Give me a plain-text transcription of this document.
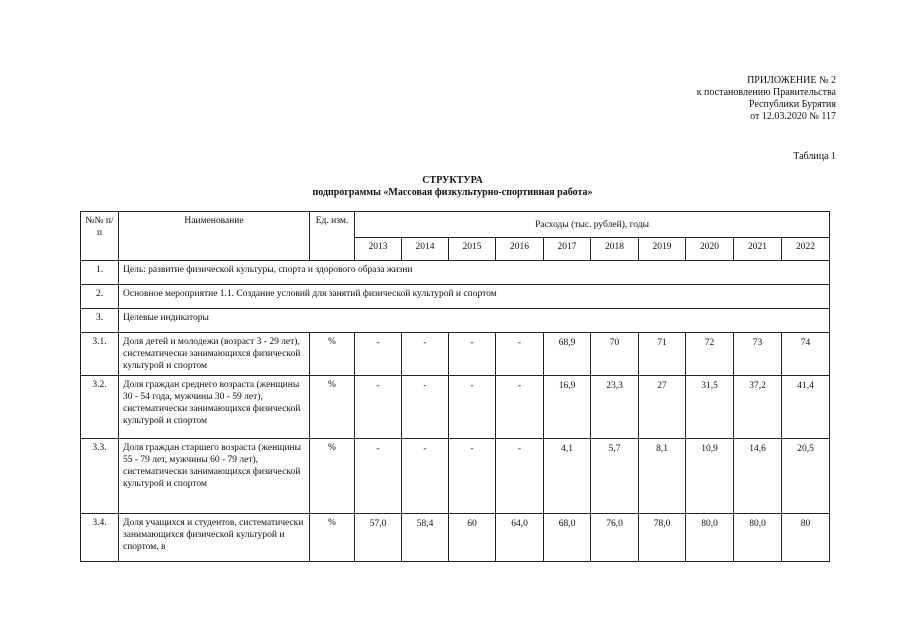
ПРИЛОЖЕНИЕ № 2
к постановлению Правительства
Республики Бурятия
от 12.03.2020 № 117
Таблица 1
СТРУКТУРА
подпрограммы «Массовая физкультурно-спортивная работа»
№№ п/п	Наименование	Ед. изм.	Расходы (тыс. рублей), годы									
			2013	2014	2015	2016	2017	2018	2019	2020	2021	2022
1.	Цель: развитие физической культуры, спорта и здорового образа жизни											
2.	Основное мероприятие 1.1. Создание условий для занятий физической культурой и спортом											
3.	Целевые индикаторы											
3.1.	Доля детей и молодежи (возраст 3 - 29 лет), систематически занимающихся физической культурой и спортом	%	-	-	-	-	68,9	70	71	72	73	74
3.2.	Доля граждан среднего возраста (женщины 30 - 54 года, мужчины 30 - 59 лет), систематически занимающихся физической культурой и спортом	%	-	-	-	-	16,9	23,3	27	31,5	37,2	41,4
3.3.	Доля граждан старшего возраста (женщины 55 - 79 лет, мужчины 60 - 79 лет), систематически занимающихся физической культурой и спортом	%	-	-	-	-	4,1	5,7	8,1	10,9	14,6	20,5
3.4.	Доля учащихся и студентов, систематически занимающихся физической культурой и спортом, в	%	57,0	58,4	60	64,0	68,0	76,0	78,0	80,0	80,0	80
